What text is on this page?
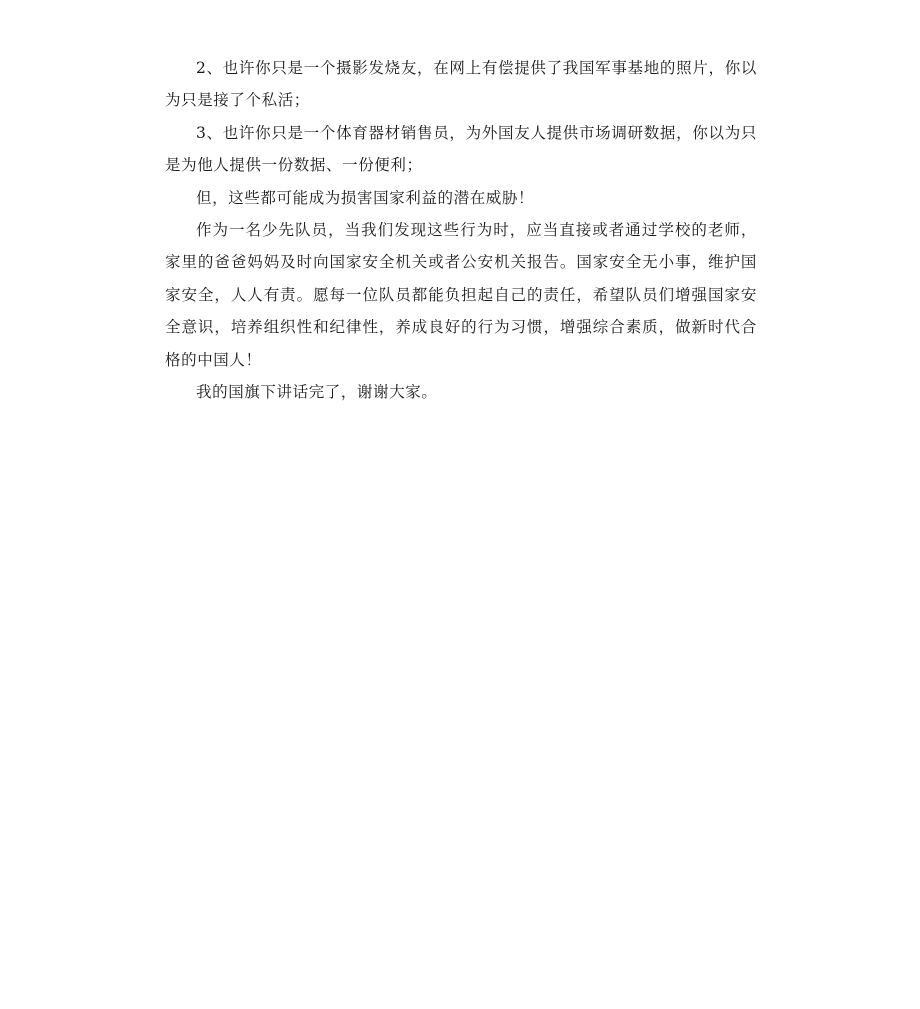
2、也许你只是一个摄影发烧友，在网上有偿提供了我国军事基地的照片，你以为只是接了个私活；

3、也许你只是一个体育器材销售员，为外国友人提供市场调研数据，你以为只是为他人提供一份数据、一份便利；

但，这些都可能成为损害国家利益的潜在威胁！

作为一名少先队员，当我们发现这些行为时，应当直接或者通过学校的老师，家里的爸爸妈妈及时向国家安全机关或者公安机关报告。国家安全无小事，维护国家安全，人人有责。愿每一位队员都能负担起自己的责任，希望队员们增强国家安全意识，培养组织性和纪律性，养成良好的行为习惯，增强综合素质，做新时代合格的中国人！

我的国旗下讲话完了，谢谢大家。
